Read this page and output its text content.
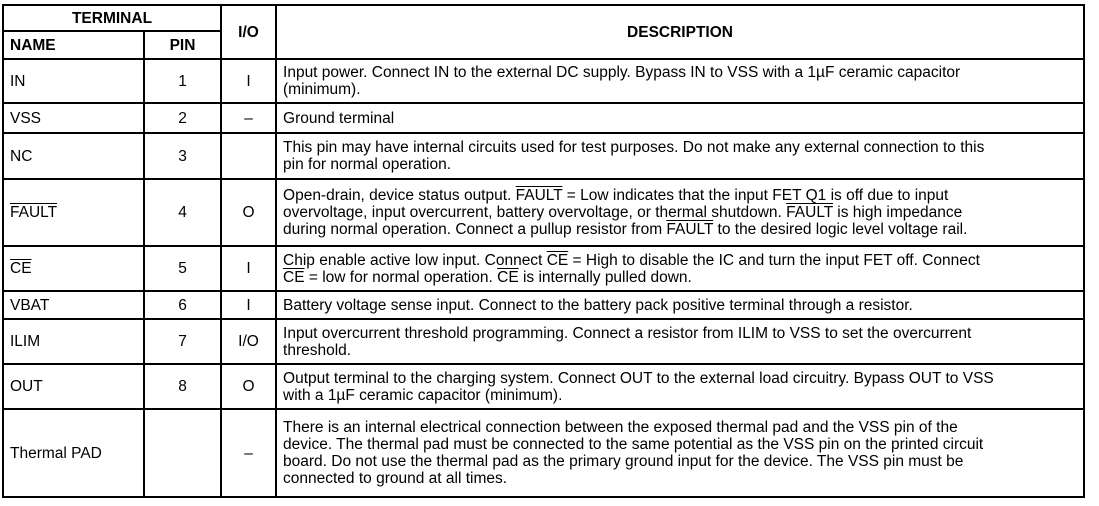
TERMINAL		I/O	DESCRIPTION
NAME	PIN		
IN	1	I	Input power. Connect IN to the external DC supply. Bypass IN to VSS with a 1µF ceramic capacitor
(minimum).
VSS	2	–	Ground terminal
NC	3		This pin may have internal circuits used for test purposes. Do not make any external connection to this
pin for normal operation.
FAULT	4	O	Open-drain, device status output. FAULT = Low indicates that the input FET Q1 is off due to input
overvoltage, input overcurrent, battery overvoltage, or thermal shutdown. FAULT is high impedance
during normal operation. Connect a pullup resistor from FAULT to the desired logic level voltage rail.
$\overline{CE}$	5	I	Chip enable active low input. Connect $\overline{CE}$ = High to disable the IC and turn the input FET off. Connect
$\overline{CE}$ = low for normal operation. $\overline{CE}$ is internally pulled down.
VBAT	6	I	Battery voltage sense input. Connect to the battery pack positive terminal through a resistor.
ILIM	7	I/O	Input overcurrent threshold programming. Connect a resistor from ILIM to VSS to set the overcurrent
threshold.
OUT	8	O	Output terminal to the charging system. Connect OUT to the external load circuitry. Bypass OUT to VSS
with a 1µF ceramic capacitor (minimum).
Thermal PAD		–	There is an internal electrical connection between the exposed thermal pad and the VSS pin of the
device. The thermal pad must be connected to the same potential as the VSS pin on the printed circuit
board. Do not use the thermal pad as the primary ground input for the device. The VSS pin must be
connected to ground at all times.
